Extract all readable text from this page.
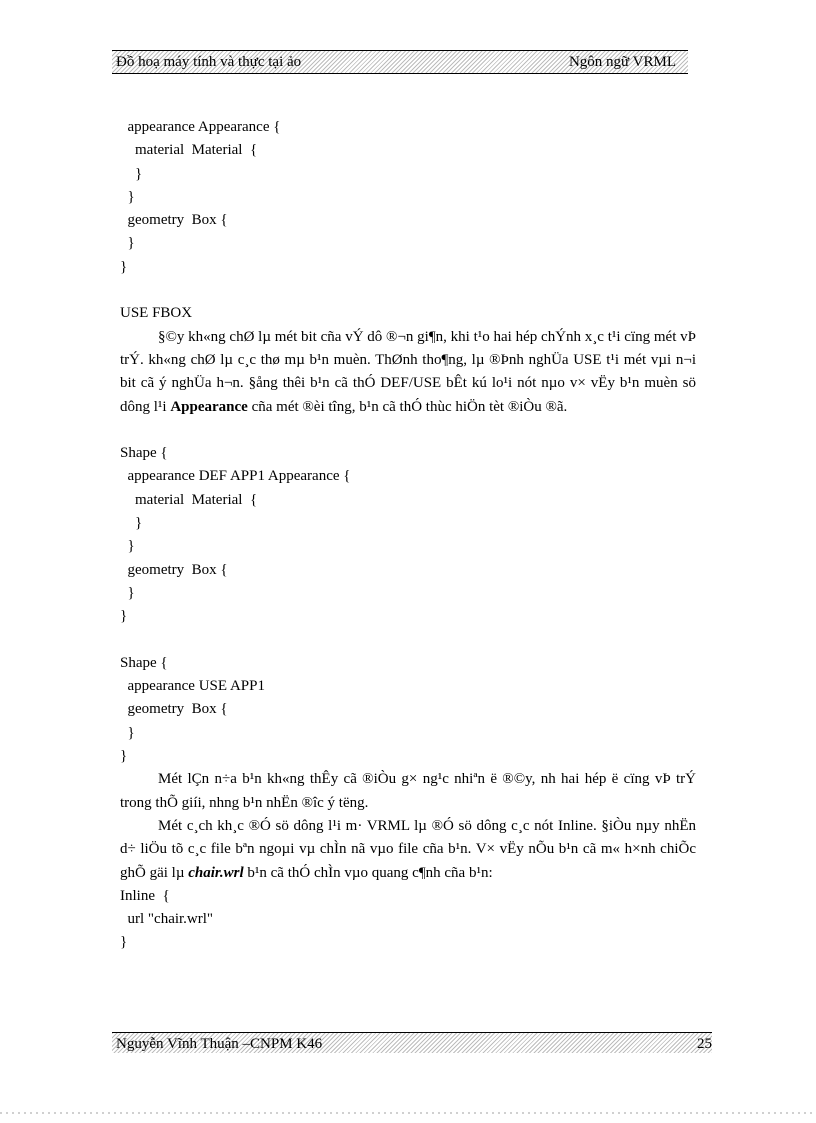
Đồ hoạ máy tính và thực tại ảo	Ngôn ngữ VRML
appearance Appearance {
material  Material  {
}
}
geometry  Box {
}
}
USE FBOX

§©y kh«ng chØ lµ mét bit cña vÝ dô ®¬n gi¶n, khi t¹o hai hép chÝnh x¸c t¹i cïng mét vÞ trÝ. kh«ng chØ lµ c¸c thø mµ b¹n muèn. ThØnh tho¶ng, lµ ®Þnh nghÜa USE t¹i mét vµi n¬i bit cã ý nghÜa h¬n. §ång thêi b¹n cã thÓ DEF/USE bÊt kú lo¹i nót nµo v× vËy b¹n muèn sö dông l¹i Appearance cña mét ®èi tîng, b¹n cã thÓ thùc hiÖn tèt ®iÒu ®ã.

Shape {
appearance DEF APP1 Appearance {
material  Material  {
}
}
geometry  Box {
}
}
Shape {
appearance USE APP1
geometry  Box {
}
}

Mét lÇn n÷a b¹n kh«ng thÊy cã ®iÒu g× ng¹c nhiªn ë ®©y, nh hai hép ë cïng vÞ trÝ trong thÕ giíi, nhng b¹n nhËn ®îc ý tëng.

Mét c¸ch kh¸c ®Ó sö dông l¹i m· VRML lµ ®Ó sö dông c¸c nót Inline. §iÒu nµy nhËn d÷ liÖu tõ c¸c file bªn ngoµi vµ chÌn nã vµo file cña b¹n. V× vËy nÕu b¹n cã m« h×nh chiÕc ghÕ gäi lµ chair.wrl b¹n cã thÓ chÌn vµo quang c¶nh cña b¹n:

Inline  {
url "chair.wrl"
}
Nguyễn Vĩnh Thuận –CNPM K46	25
